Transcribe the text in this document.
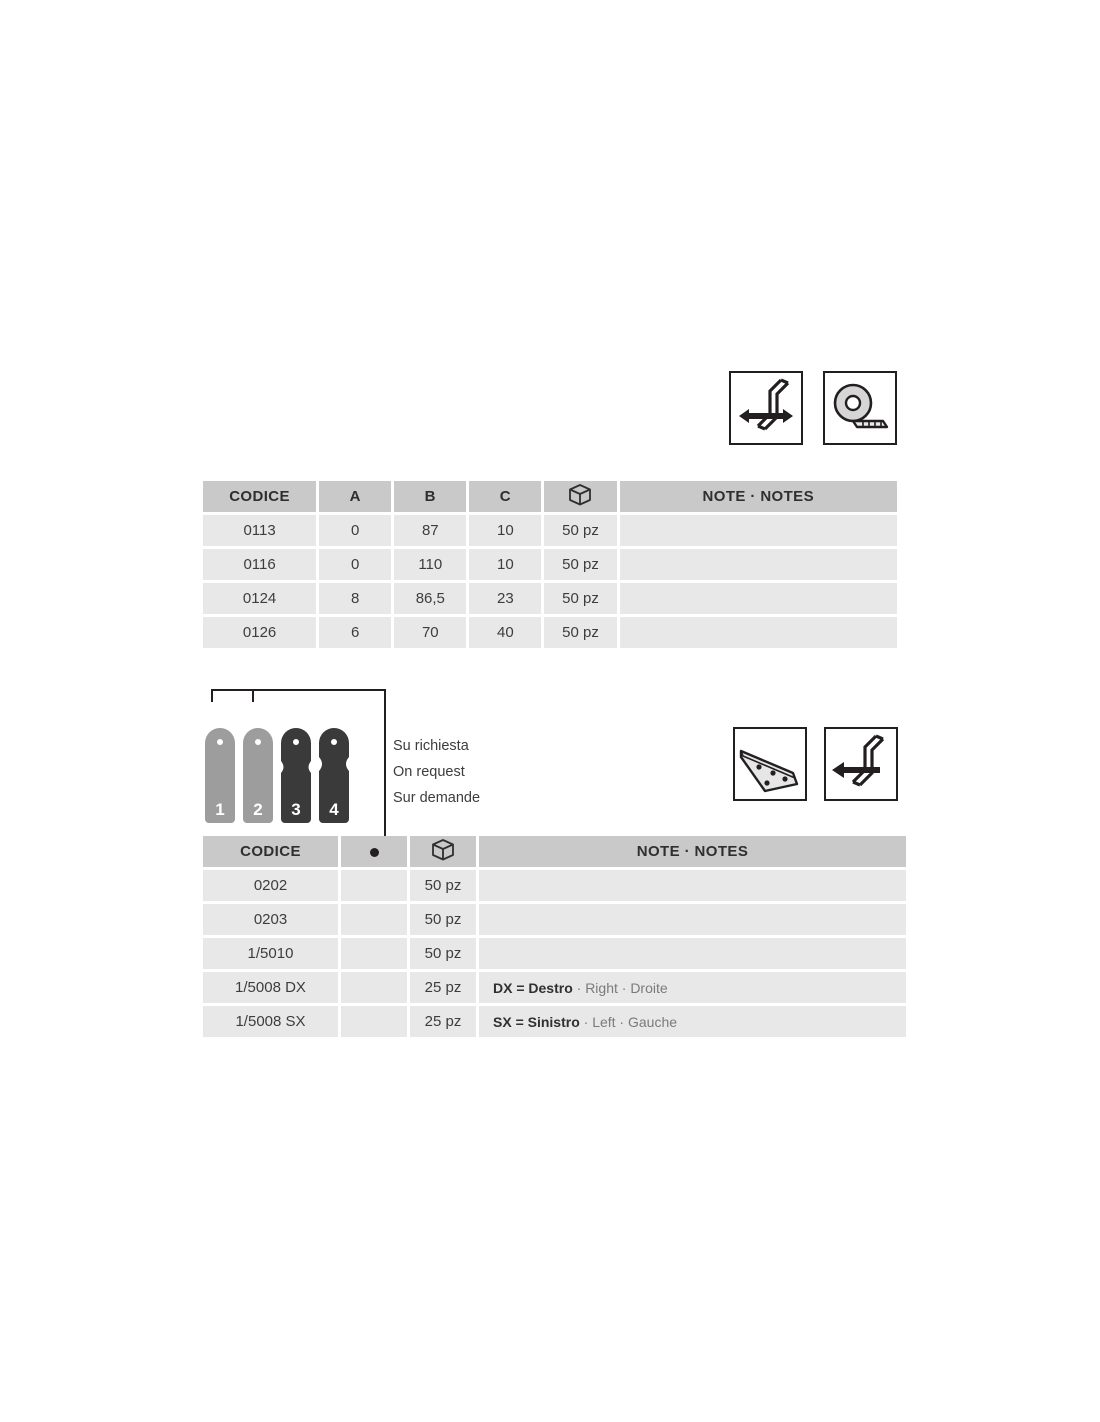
CODICE	A	B	C		NOTE · NOTES
0113	0	87	10	50 pz	
0116	0	110	10	50 pz	
0124	8	86,5	23	50 pz	
0126	6	70	40	50 pz	
1	2	3	4
Su richiesta
On request
Sur demande
CODICE			NOTE · NOTES
0202		50 pz	
0203		50 pz	
1/5010		50 pz	
1/5008 DX		25 pz	DX = Destro · Right · Droite
1/5008 SX		25 pz	SX = Sinistro · Left · Gauche
